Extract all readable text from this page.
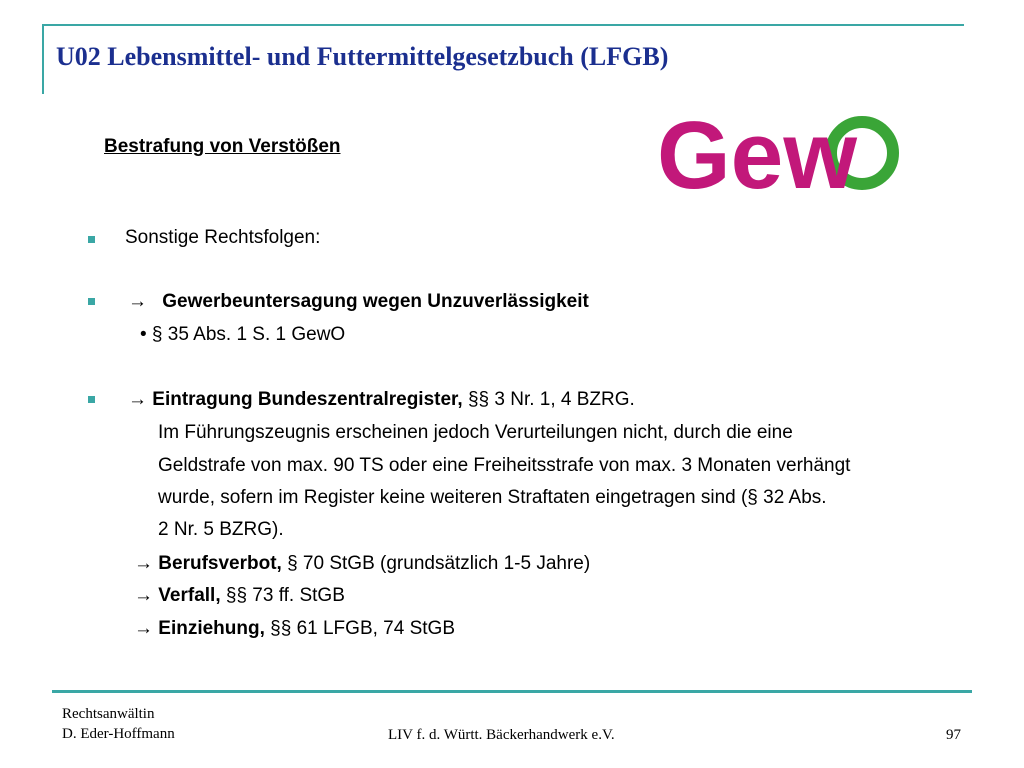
U02 Lebensmittel- und Futtermittelgesetzbuch (LFGB)
Bestrafung von Verstößen	Gew
Sonstige Rechtsfolgen:
→ Gewerbeuntersagung wegen Unzuverlässigkeit
• § 35 Abs. 1 S. 1 GewO
→ Eintragung Bundeszentralregister, §§ 3 Nr. 1, 4 BZRG.
Im Führungszeugnis erscheinen jedoch Verurteilungen nicht, durch die eine
Geldstrafe von max. 90 TS oder eine Freiheitsstrafe von max. 3 Monaten verhängt
wurde, sofern im Register keine weiteren Straftaten eingetragen sind (§ 32 Abs.
2 Nr. 5 BZRG).
→ Berufsverbot, § 70 StGB (grundsätzlich 1-5 Jahre)
→ Verfall, §§ 73 ff. StGB
→ Einziehung, §§ 61 LFGB, 74 StGB
Rechtsanwältin
D. Eder-Hoffmann	LIV f. d. Württ. Bäckerhandwerk e.V.	97
